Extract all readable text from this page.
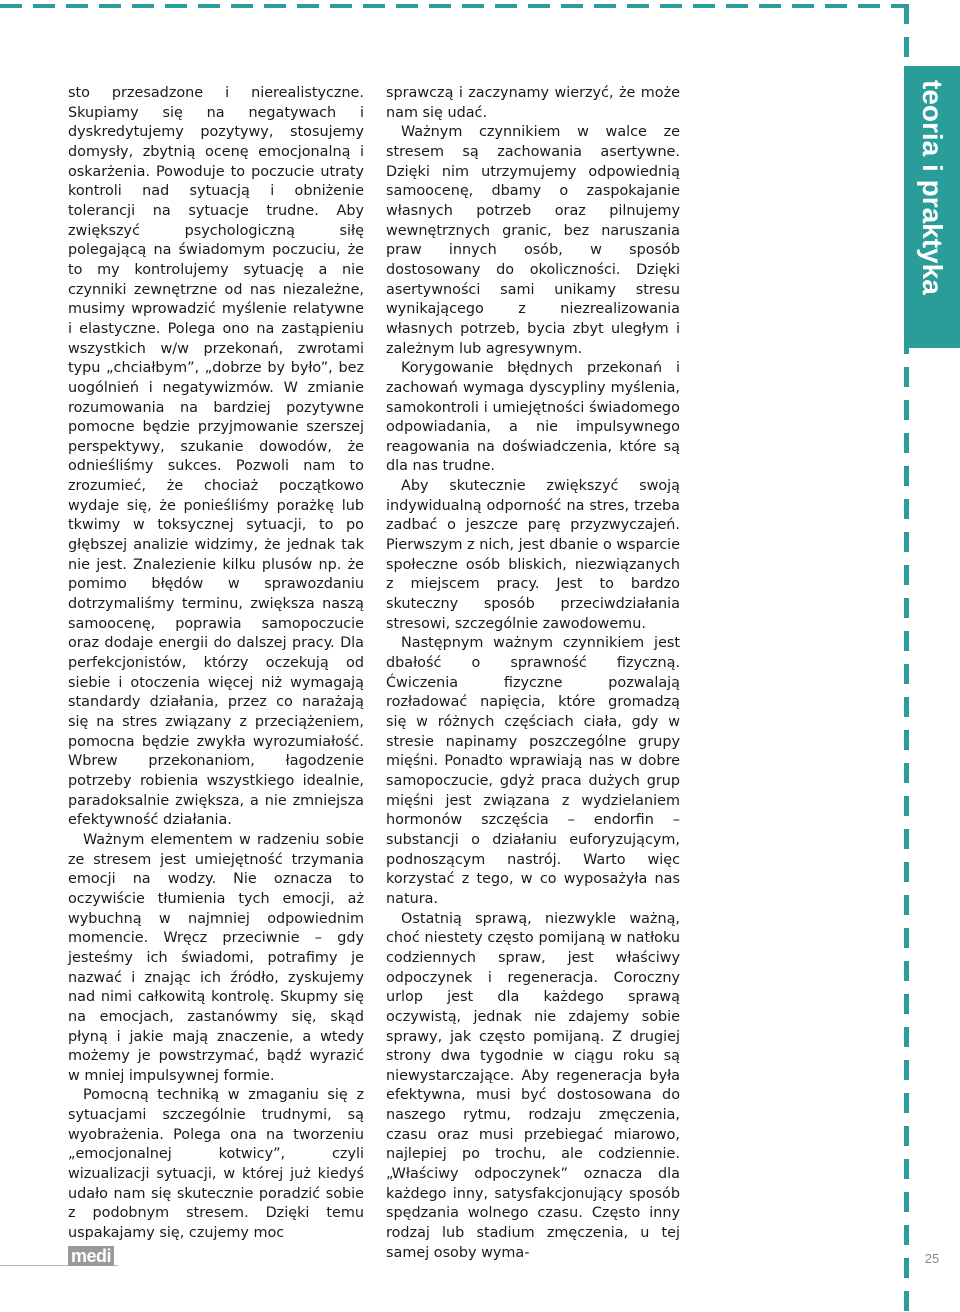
teoria i praktyka

sto przesadzone i nierealistyczne. Skupiamy się na negatywach i dyskredytujemy pozytywy, stosujemy domysły, zbytnią ocenę emocjonalną i oskarżenia. Powoduje to poczucie utraty kontroli nad sytuacją i obniżenie tolerancji na sytuacje trudne. Aby zwiększyć psychologiczną siłę polegającą na świadomym poczuciu, że to my kontrolujemy sytuację a nie czynniki zewnętrzne od nas niezależne, musimy wprowadzić myślenie relatywne i elastyczne. Polega ono na zastąpieniu wszystkich w/w przekonań, zwrotami typu „chciałbym”, „dobrze by było”, bez uogólnień i negatywizmów. W zmianie rozumowania na bardziej pozytywne pomocne będzie przyjmowanie szerszej perspektywy, szukanie dowodów, że odnieśliśmy sukces. Pozwoli nam to zrozumieć, że chociaż początkowo wydaje się, że ponieśliśmy porażkę lub tkwimy w toksycznej sytuacji, to po głębszej analizie widzimy, że jednak tak nie jest. Znalezienie kilku plusów np. że pomimo błędów w sprawozdaniu dotrzymaliśmy terminu, zwiększa naszą samoocenę, poprawia samopoczucie oraz dodaje energii do dalszej pracy. Dla perfekcjonistów, którzy oczekują od siebie i otoczenia więcej niż wymagają standardy działania, przez co narażają się na stres związany z przeciążeniem, pomocna będzie zwykła wyrozumiałość. Wbrew przekonaniom, łagodzenie potrzeby robienia wszystkiego idealnie, paradoksalnie zwiększa, a nie zmniejsza efektywność działania.

Ważnym elementem w radzeniu sobie ze stresem jest umiejętność trzymania emocji na wodzy. Nie oznacza to oczywiście tłumienia tych emocji, aż wybuchną w najmniej odpowiednim momencie. Wręcz przeciwnie – gdy jesteśmy ich świadomi, potrafimy je nazwać i znając ich źródło, zyskujemy nad nimi całkowitą kontrolę. Skupmy się na emocjach, zastanówmy się, skąd płyną i jakie mają znaczenie, a wtedy możemy je powstrzymać, bądź wyrazić w mniej impulsywnej formie.

Pomocną techniką w zmaganiu się z sytuacjami szczególnie trudnymi, są wyobrażenia. Polega ona na tworzeniu „emocjonalnej kotwicy”, czyli wizualizacji sytuacji, w której już kiedyś udało nam się skutecznie poradzić sobie z podobnym stresem. Dzięki temu uspakajamy się, czujemy moc

sprawczą i zaczynamy wierzyć, że może nam się udać.

Ważnym czynnikiem w walce ze stresem są zachowania asertywne. Dzięki nim utrzymujemy odpowiednią samoocenę, dbamy o zaspokajanie własnych potrzeb oraz pilnujemy wewnętrznych granic, bez naruszania praw innych osób, w sposób dostosowany do okoliczności. Dzięki asertywności sami unikamy stresu wynikającego z niezrealizowania własnych potrzeb, bycia zbyt uległym i zależnym lub agresywnym.

Korygowanie błędnych przekonań i zachowań wymaga dyscypliny myślenia, samokontroli i umiejętności świadomego odpowiadania, a nie impulsywnego reagowania na doświadczenia, które są dla nas trudne.

Aby skutecznie zwiększyć swoją indywidualną odporność na stres, trzeba zadbać o jeszcze parę przyzwyczajeń. Pierwszym z nich, jest dbanie o wsparcie społeczne osób bliskich, niezwiązanych z miejscem pracy. Jest to bardzo skuteczny sposób przeciwdziałania stresowi, szczególnie zawodowemu.

Następnym ważnym czynnikiem jest dbałość o sprawność fizyczną. Ćwiczenia fizyczne pozwalają rozładować napięcia, które gromadzą się w różnych częściach ciała, gdy w stresie napinamy poszczególne grupy mięśni. Ponadto wprawiają nas w dobre samopoczucie, gdyż praca dużych grup mięśni jest związana z wydzielaniem hormonów szczęścia – endorfin – substancji o działaniu euforyzującym, podnoszącym nastrój. Warto więc korzystać z tego, w co wyposażyła nas natura.

Ostatnią sprawą, niezwykle ważną, choć niestety często pomijaną w natłoku codziennych spraw, jest właściwy odpoczynek i regeneracja. Coroczny urlop jest dla każdego sprawą oczywistą, jednak nie zdajemy sobie sprawy, jak często pomijaną. Z drugiej strony dwa tygodnie w ciągu roku są niewystarczające. Aby regeneracja była efektywna, musi być dostosowana do naszego rytmu, rodzaju zmęczenia, czasu oraz musi przebiegać miarowo, najlepiej po trochu, ale codziennie. „Właściwy odpoczynek” oznacza dla każdego inny, satysfakcjonujący sposób spędzania wolnego czasu. Często inny rodzaj lub stadium zmęczenia, u tej samej osoby wyma-

medi	25
